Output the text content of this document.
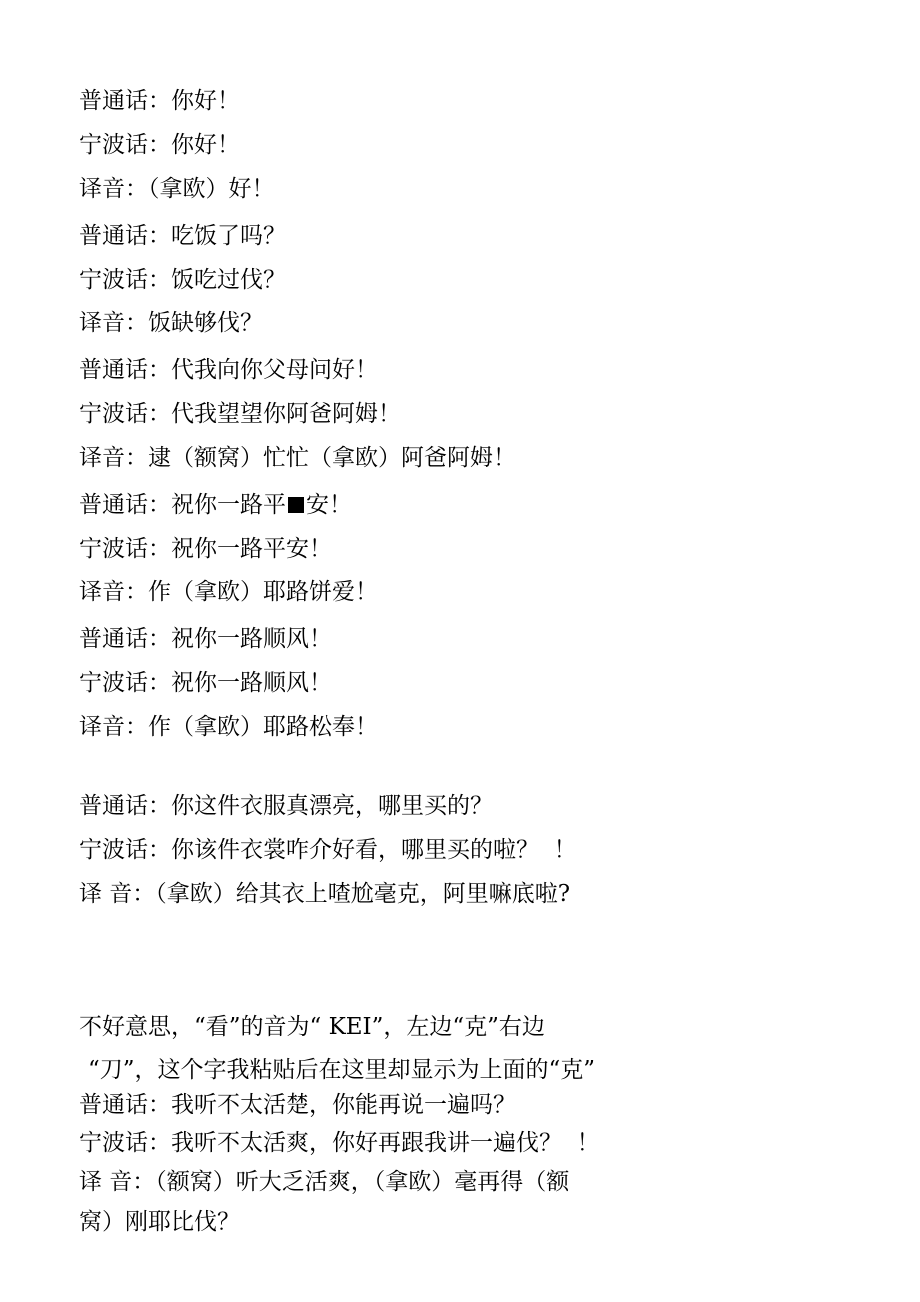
普通话：你好！
宁波话：你好！
译音：（拿欧）好！
普通话：吃饭了吗？
宁波话：饭吃过伐？
译音：饭缺够伐？
普通话：代我向你父母问好！
宁波话：代我望望你阿爸阿姆！
译音：逮（额窝）忙忙（拿欧）阿爸阿姆！
普通话：祝你一路平 安！
宁波话：祝你一路平安！
译音：作（拿欧）耶路饼爱！
普通话：祝你一路顺风！
宁波话：祝你一路顺风！
译音：作（拿欧）耶路松奉！
普通话：你这件衣服真漂亮，哪里买的？
宁波话：你该件衣裳咋介好看，哪里买的啦？  ！
译 音：（拿欧）给其衣上喳尬毫克，阿里嘛底啦?
不好意思，“看”的音为“ KEI”，左边“克”右边
“刀”，这个字我粘贴后在这里却显示为上面的“克”
普通话：我听不太活楚，你能再说一遍吗？
宁波话：我听不太活爽，你好再跟我讲一遍伐？  ！
译 音：（额窝）听大乏活爽，（拿欧）毫再得（额
窝）刚耶比伐？
